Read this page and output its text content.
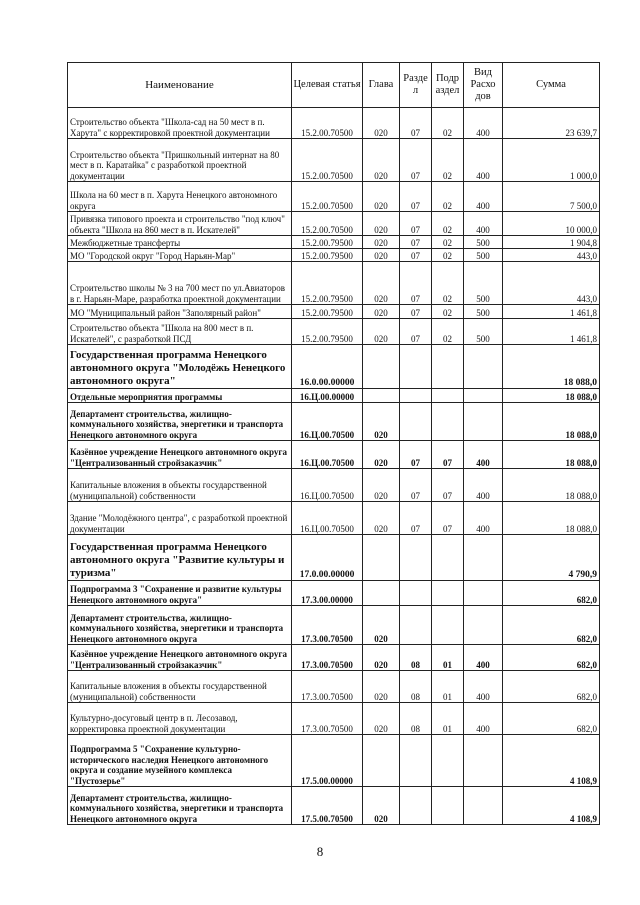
Наименование	Целевая статья	Глава	Разде л	Подр аздел	Вид Расхо дов	Сумма
Строительство объекта "Школа-сад на 50 мест в п. Харута" с корректировкой проектной документации	15.2.00.70500	020	07	02	400	23 639,7
Строительство объекта "Пришкольный интернат на 80 мест в п. Каратайка" с разработкой проектной документации	15.2.00.70500	020	07	02	400	1 000,0
Школа на 60 мест в п. Харута Ненецкого автономного округа	15.2.00.70500	020	07	02	400	7 500,0
Привязка типового проекта и строительство "под ключ" объекта "Школа на 860 мест в п. Искателей"	15.2.00.70500	020	07	02	400	10 000,0
Межбюджетные трансферты	15.2.00.79500	020	07	02	500	1 904,8
МО "Городской округ "Город Нарьян-Мар"	15.2.00.79500	020	07	02	500	443,0
Строительство школы № 3 на 700 мест по ул.Авиаторов в г. Нарьян-Маре, разработка проектной документации	15.2.00.79500	020	07	02	500	443,0
МО "Муниципальный район "Заполярный район"	15.2.00.79500	020	07	02	500	1 461,8
Строительство объекта "Школа на 800 мест в п. Искателей", с разработкой ПСД	15.2.00.79500	020	07	02	500	1 461,8
Государственная программа Ненецкого автономного округа "Молодёжь Ненецкого автономного округа"	16.0.00.00000					18 088,0
Отдельные мероприятия программы	16.Ц.00.00000					18 088,0
Департамент строительства, жилищно-коммунального хозяйства, энергетики и транспорта Ненецкого автономного округа	16.Ц.00.70500	020				18 088,0
Казённое учреждение Ненецкого автономного округа "Централизованный стройзаказчик"	16.Ц.00.70500	020	07	07	400	18 088,0
Капитальные вложения в объекты государственной (муниципальной) собственности	16.Ц.00.70500	020	07	07	400	18 088,0
Здание "Молодёжного центра", с разработкой проектной документации	16.Ц.00.70500	020	07	07	400	18 088,0
Государственная программа Ненецкого автономного округа "Развитие культуры и туризма"	17.0.00.00000					4 790,9
Подпрограмма 3 "Сохранение и развитие культуры Ненецкого автономного округа"	17.3.00.00000					682,0
Департамент строительства, жилищно-коммунального хозяйства, энергетики и транспорта Ненецкого автономного округа	17.3.00.70500	020				682,0
Казённое учреждение Ненецкого автономного округа "Централизованный стройзаказчик"	17.3.00.70500	020	08	01	400	682,0
Капитальные вложения в объекты государственной (муниципальной) собственности	17.3.00.70500	020	08	01	400	682,0
Культурно-досуговый центр в п. Лесозавод, корректировка проектной документации	17.3.00.70500	020	08	01	400	682,0
Подпрограмма 5 "Сохранение культурно-исторического наследия Ненецкого автономного округа и создание музейного комплекса "Пустозерье"	17.5.00.00000					4 108,9
Департамент строительства, жилищно-коммунального хозяйства, энергетики и транспорта Ненецкого автономного округа	17.5.00.70500	020				4 108,9
8
